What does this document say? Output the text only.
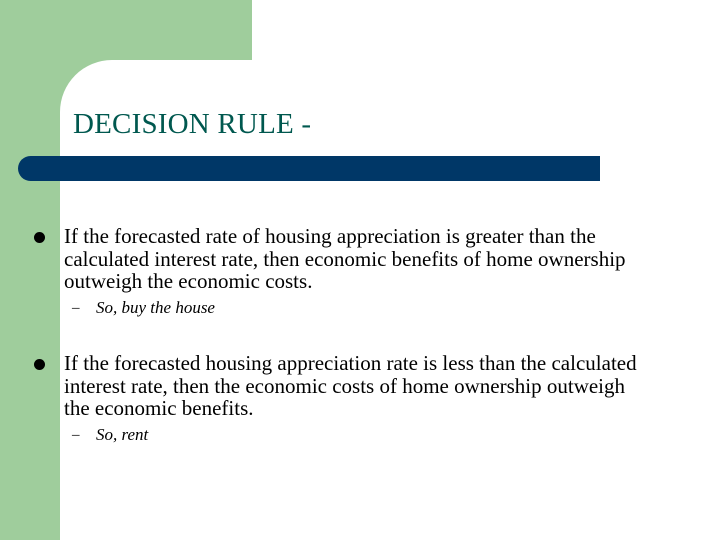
DECISION RULE -

If the forecasted rate of housing appreciation is greater than the calculated interest rate, then economic benefits of home ownership outweigh the economic costs.

– So, buy the house

If the forecasted housing appreciation rate is less than the calculated interest rate, then the economic costs of home ownership outweigh the economic benefits.

– So, rent
